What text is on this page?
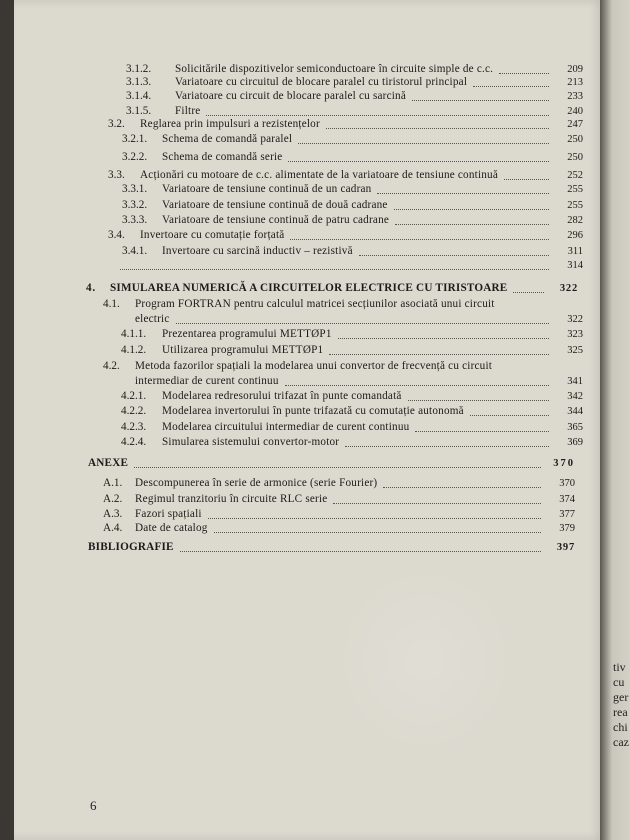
tiv
cu
ger
rea
chi
caz
3.1.2. Solicitările dispozitivelor semiconductoare în circuite simple de c.c.	209
3.1.3. Variatoare cu circuitul de blocare paralel cu tiristorul principal	213
3.1.4. Variatoare cu circuit de blocare paralel cu sarcină	233
3.1.5. Filtre	240
3.2. Reglarea prin impulsuri a rezistențelor	247
3.2.1. Schema de comandă paralel	250
3.2.2. Schema de comandă serie	250
3.3. Acționări cu motoare de c.c. alimentate de la variatoare de tensiune continuă	252
3.3.1. Variatoare de tensiune continuă de un cadran	255
3.3.2. Variatoare de tensiune continuă de două cadrane	255
3.3.3. Variatoare de tensiune continuă de patru cadrane	282
3.4. Invertoare cu comutație forțată	296
3.4.1. Invertoare cu sarcină inductiv – rezistivă	311
314
4. SIMULAREA NUMERICĂ A CIRCUITELOR ELECTRICE CU TIRISTOARE	322
4.1. Program FORTRAN pentru calculul matricei secțiunilor asociată unui circuit
electric	322
4.1.1. Prezentarea programului METTØP1	323
4.1.2. Utilizarea programului METTØP1	325
4.2. Metoda fazorilor spațiali la modelarea unui convertor de frecvență cu circuit
intermediar de curent continuu	341
4.2.1. Modelarea redresorului trifazat în punte comandată	342
4.2.2. Modelarea invertorului în punte trifazată cu comutație autonomă	344
4.2.3. Modelarea circuitului intermediar de curent continuu	365
4.2.4. Simularea sistemului convertor-motor	369
ANEXE	370
A.1. Descompunerea în serie de armonice (serie Fourier)	370
A.2. Regimul tranzitoriu în circuite RLC serie	374
A.3. Fazori spațiali	377
A.4. Date de catalog	379
BIBLIOGRAFIE	397
6
